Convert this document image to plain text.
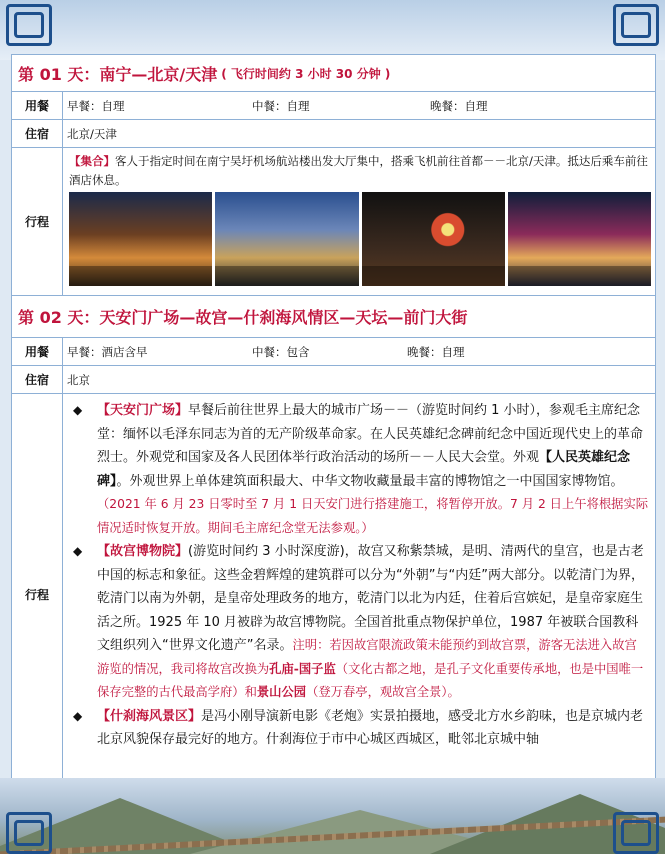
第 01 天：南宁—北京/天津 ( 飞行时间约 3 小时 30 分钟 )
用餐	早餐：自理	中餐：自理	晚餐：自理
住宿	北京/天津
行程
【集合】客人于指定时间在南宁吴圩机场航站楼出发大厅集中，搭乘飞机前往首都－－北京/天津。抵达后乘车前往酒店休息。
第 02 天：天安门广场—故宫—什刹海风情区—天坛—前门大街
用餐	早餐：酒店含早	中餐：包含	晚餐：自理
住宿	北京
行程
◆ 【天安门广场】早餐后前往世界上最大的城市广场－－（游览时间约 1 小时），参观毛主席纪念堂：缅怀以毛泽东同志为首的无产阶级革命家。在人民英雄纪念碑前纪念中国近现代史上的革命烈士。外观党和国家及各人民团体举行政治活动的场所－－人民大会堂。外观【人民英雄纪念碑】。外观世界上单体建筑面积最大、中华文物收藏量最丰富的博物馆之一中国国家博物馆。（2021 年 6 月 23 日零时至 7 月 1 日天安门进行搭建施工，将暂停开放。7 月 2 日上午将根据实际情况适时恢复开放。期间毛主席纪念堂无法参观。）
◆ 【故宫博物院】(游览时间约 3 小时深度游)，故宫又称紫禁城，是明、清两代的皇宫，也是古老中国的标志和象征。这些金碧辉煌的建筑群可以分为“外朝”与“内廷”两大部分。以乾清门为界，乾清门以南为外朝，是皇帝处理政务的地方，乾清门以北为内廷，住着后宫嫔妃，是皇帝家庭生活之所。1925 年 10 月被辟为故宫博物院。全国首批重点物保护单位，1987 年被联合国教科文组织列入“世界文化遗产”名录。注明：若因故宫限流政策未能预约到故宫票，游客无法进入故宫游览的情况，我司将故宫改换为孔庙-国子监（文化古都之地，是孔子文化重要传承地，也是中国唯一保存完整的古代最高学府）和景山公园（登万春亭，观故宫全景）。
◆ 【什刹海风景区】是冯小刚导演新电影《老炮》实景拍摄地，感受北方水乡韵味，也是京城内老北京风貌保存最完好的地方。什刹海位于市中心城区西城区，毗邻北京城中轴
